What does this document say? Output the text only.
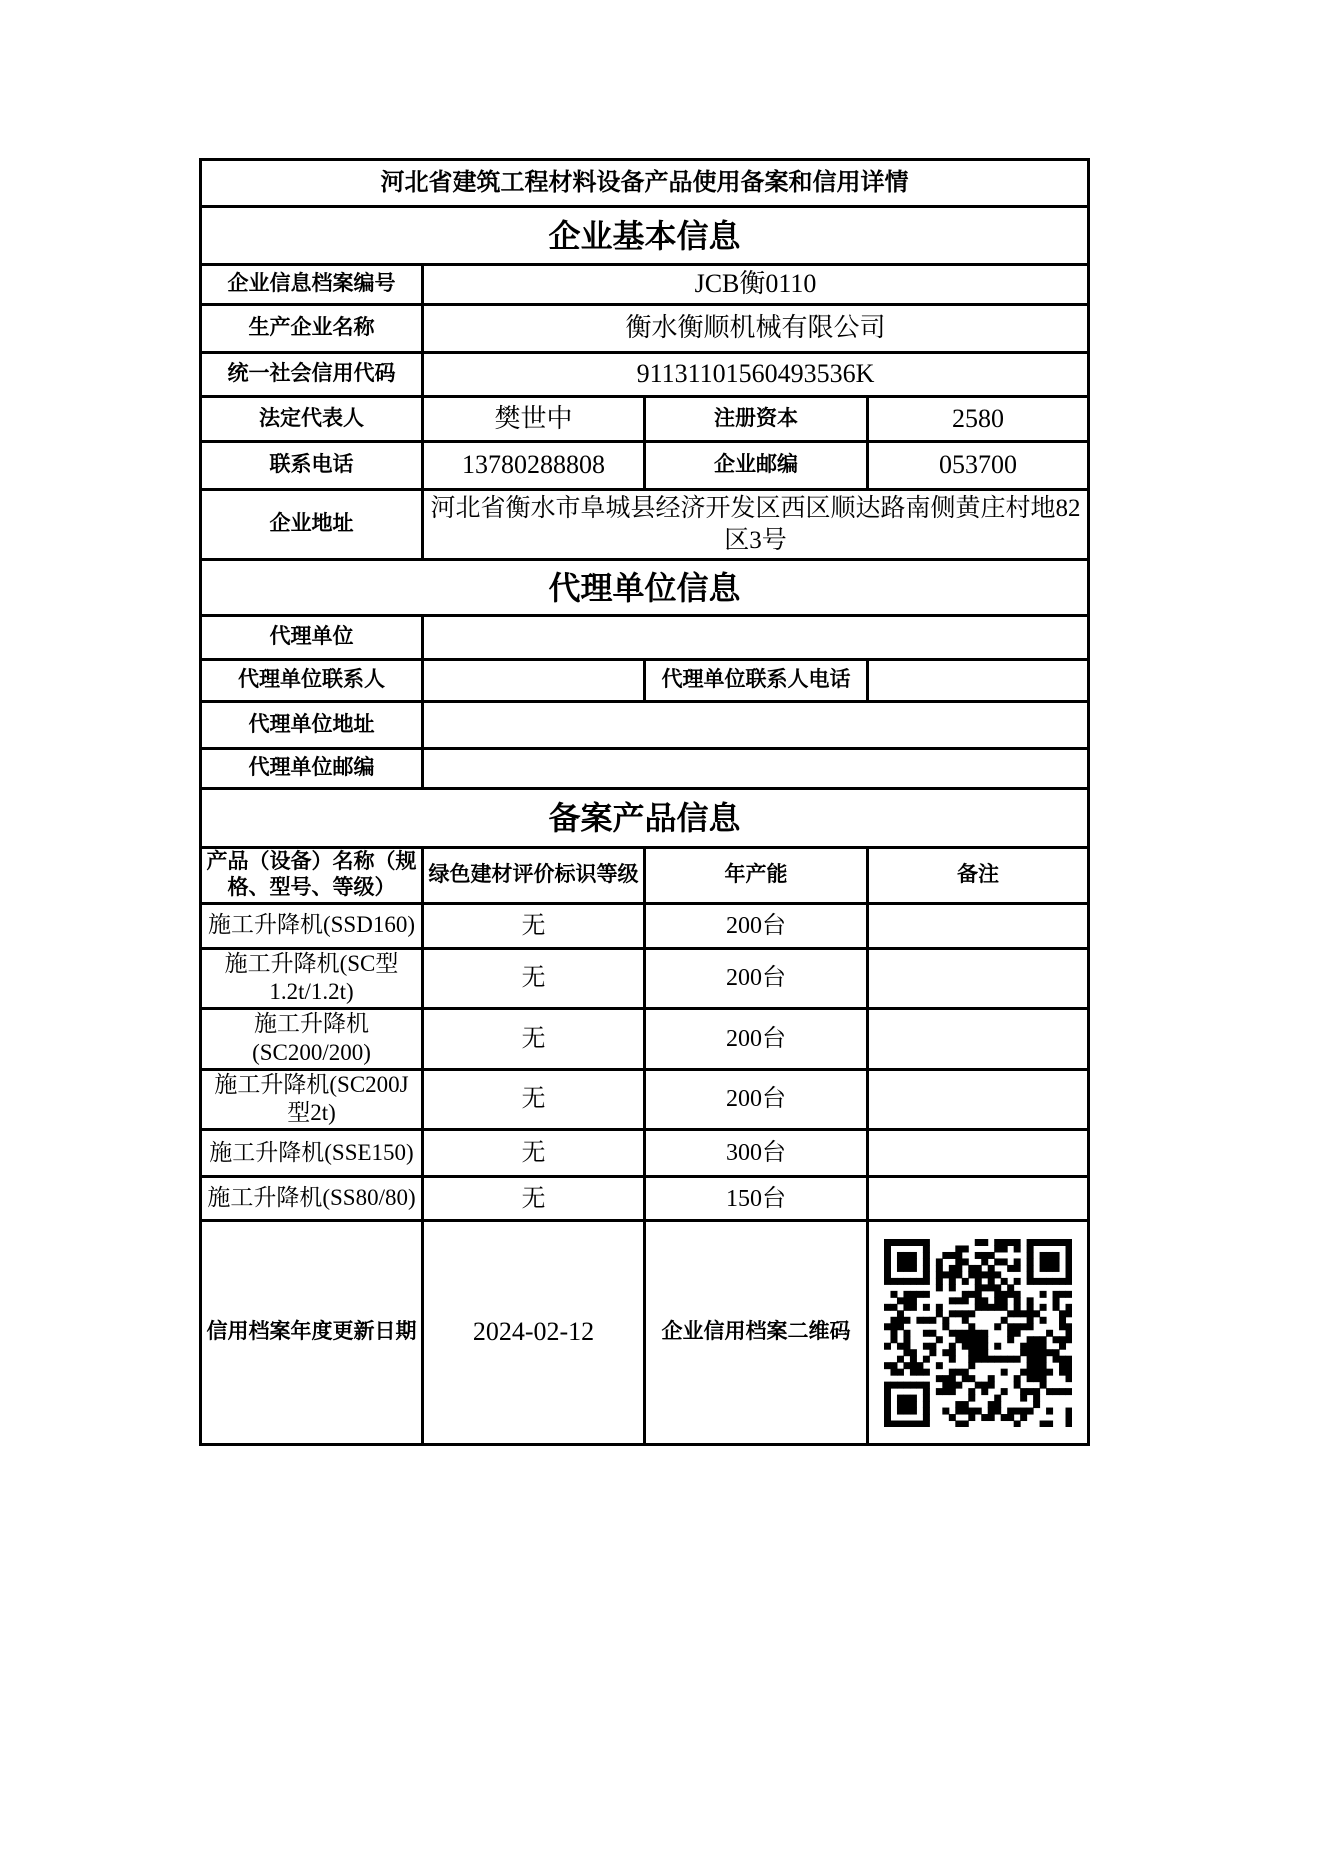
河北省建筑工程材料设备产品使用备案和信用详情			
企业基本信息			
企业信息档案编号	JCB衡0110		
生产企业名称	衡水衡顺机械有限公司		
统一社会信用代码	91131101560493536K		
法定代表人	樊世中	注册资本	2580
联系电话	13780288808	企业邮编	053700
企业地址	河北省衡水市阜城县经济开发区西区顺达路南侧黄庄村地82区3号		
代理单位信息			
代理单位			
代理单位联系人		代理单位联系人电话	
代理单位地址			
代理单位邮编			
备案产品信息			
产品（设备）名称（规格、型号、等级）	绿色建材评价标识等级	年产能	备注
施工升降机(SSD160)	无	200台	
施工升降机(SC型1.2t/1.2t)	无	200台	
施工升降机(SC200/200)	无	200台	
施工升降机(SC200J型2t)	无	200台	
施工升降机(SSE150)	无	300台	
施工升降机(SS80/80)	无	150台	
信用档案年度更新日期	2024-02-12	企业信用档案二维码	
